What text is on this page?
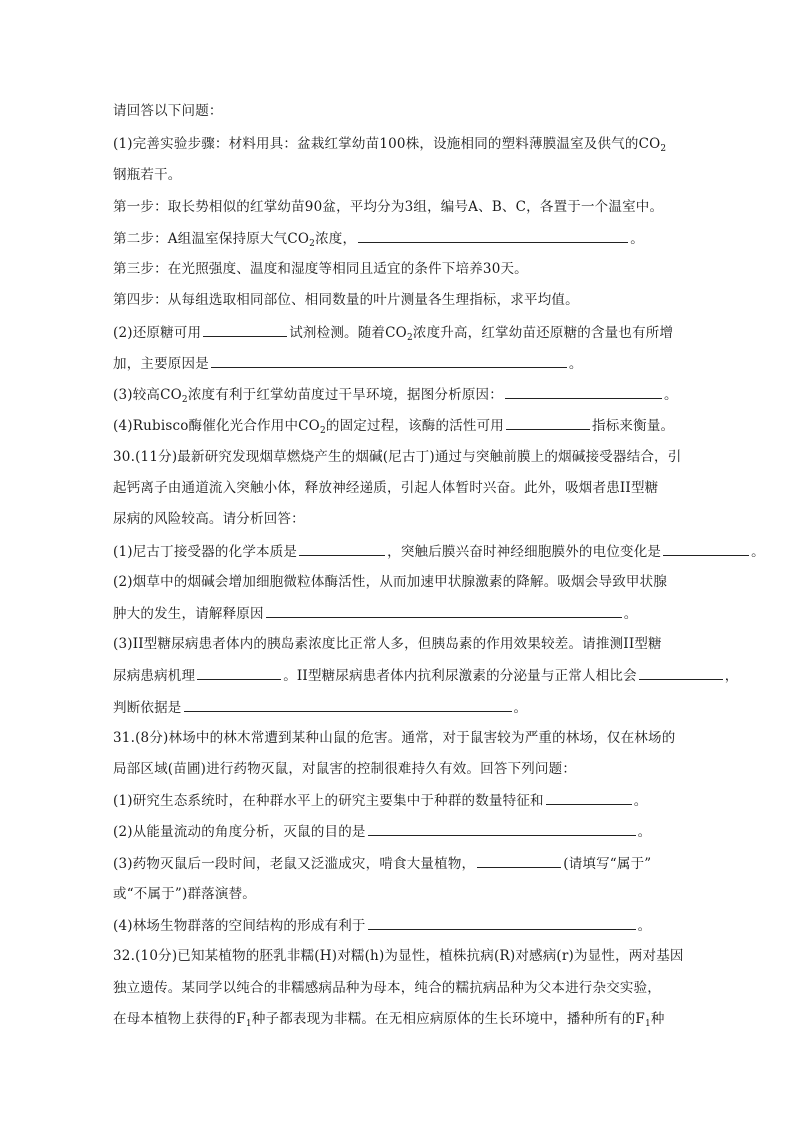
请回答以下问题：
(1)完善实验步骤：材料用具：盆栽红掌幼苗100株，设施相同的塑料薄膜温室及供气的$CO_2$
钢瓶若干。
第一步：取长势相似的红掌幼苗90盆，平均分为3组，编号A、B、C，各置于一个温室中。
第二步：A组温室保持原大气$CO_2$浓度，	。
第三步：在光照强度、温度和湿度等相同且适宜的条件下培养30天。
第四步：从每组选取相同部位、相同数量的叶片测量各生理指标，求平均值。
(2)还原糖可用	试剂检测。随着$CO_2$浓度升高，红掌幼苗还原糖的含量也有所增
加，主要原因是	。
(3)较高$CO_2$浓度有利于红掌幼苗度过干旱环境，据图分析原因：	。
(4)Rubisco酶催化光合作用中$CO_2$的固定过程，该酶的活性可用	指标来衡量。
30.(11分)最新研究发现烟草燃烧产生的烟碱(尼古丁)通过与突触前膜上的烟碱接受器结合，引
起钙离子由通道流入突触小体，释放神经递质，引起人体暂时兴奋。此外，吸烟者患II型糖
尿病的风险较高。请分析回答：
(1)尼古丁接受器的化学本质是	，突触后膜兴奋时神经细胞膜外的电位变化是	。
(2)烟草中的烟碱会增加细胞微粒体酶活性，从而加速甲状腺激素的降解。吸烟会导致甲状腺
肿大的发生，请解释原因	。
(3)II型糖尿病患者体内的胰岛素浓度比正常人多，但胰岛素的作用效果较差。请推测II型糖
尿病患病机理	。II型糖尿病患者体内抗利尿激素的分泌量与正常人相比会	，
判断依据是	。
31.(8分)林场中的林木常遭到某种山鼠的危害。通常，对于鼠害较为严重的林场，仅在林场的
局部区域(苗圃)进行药物灭鼠，对鼠害的控制很难持久有效。回答下列问题：
(1)研究生态系统时，在种群水平上的研究主要集中于种群的数量特征和	。
(2)从能量流动的角度分析，灭鼠的目的是	。
(3)药物灭鼠后一段时间，老鼠又泛滥成灾，啃食大量植物，	(请填写“属于”
或“不属于”)群落演替。
(4)林场生物群落的空间结构的形成有利于	。
32.(10分)已知某植物的胚乳非糯(H)对糯(h)为显性，植株抗病(R)对感病(r)为显性，两对基因
独立遗传。某同学以纯合的非糯感病品种为母本，纯合的糯抗病品种为父本进行杂交实验，
在母本植物上获得的$F_1$种子都表现为非糯。在无相应病原体的生长环境中，播种所有的$F_1$种
